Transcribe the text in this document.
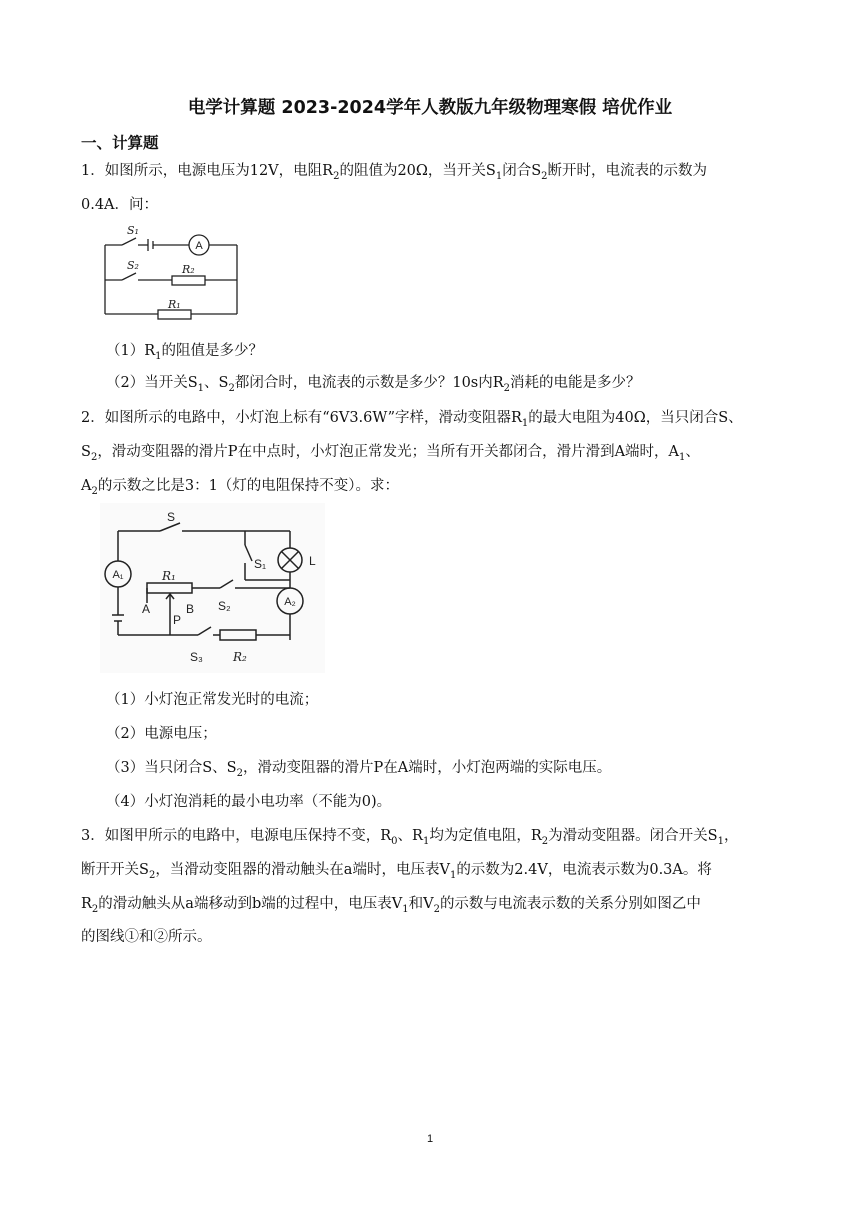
电学计算题 2023-2024学年人教版九年级物理寒假 培优作业
一、计算题
1．如图所示，电源电压为12V，电阻$R_2$的阻值为20Ω，当开关$S_1$闭合$S_2$断开时，电流表的示数为
0.4A．问：
A
S₁
S₂	R₂
R₁
$(1)R_1$的阻值是多少？
（2）当开关$S_1$、$S_2$都闭合时，电流表的示数是多少？10s内$R_2$消耗的电能是多少？
2．如图所示的电路中，小灯泡上标有“6V3.6W”字样，滑动变阻器$R_1$的最大电阻为40Ω，当只闭合S、
$S_2$，滑动变阻器的滑片P在中点时，小灯泡正常发光；当所有开关都闭合，滑片滑到A端时，$A_1$、
$A_2$的示数之比是3：1（灯的电阻保持不变）。求：
S
S₁	L
A₁
A₂
R₁
A	B S₂
P
S₃	R₂
（1）小灯泡正常发光时的电流；
（2）电源电压；
（3）当只闭合S、$S_2$，滑动变阻器的滑片P在A端时，小灯泡两端的实际电压。
（4）小灯泡消耗的最小电功率（不能为0)。
3．如图甲所示的电路中，电源电压保持不变，$R_0$、$R_1$均为定值电阻，$R_2$为滑动变阻器。闭合开关$S_1$，
断开开关$S_2$，当滑动变阻器的滑动触头在a端时，电压表$V_1$的示数为2.4V，电流表示数为0.3A。将
$R_2$的滑动触头从a端移动到b端的过程中，电压表$V_1$和$V_2$的示数与电流表示数的关系分别如图乙中
的图线①和②所示。
1
